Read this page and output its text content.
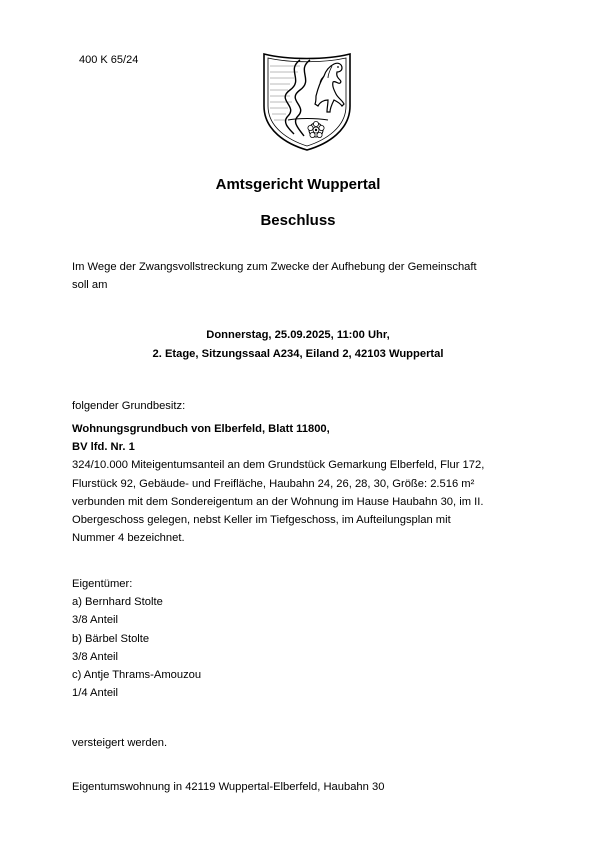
400 K 65/24
Amtsgericht Wuppertal
Beschluss
Im Wege der Zwangsvollstreckung zum Zwecke der Aufhebung der Gemeinschaft
soll am
Donnerstag, 25.09.2025, 11:00 Uhr,
2. Etage, Sitzungssaal A234, Eiland 2, 42103 Wuppertal
folgender Grundbesitz:
Wohnungsgrundbuch von Elberfeld, Blatt 11800,
BV lfd. Nr. 1
324/10.000 Miteigentumsanteil an dem Grundstück Gemarkung Elberfeld, Flur 172,
Flurstück 92, Gebäude- und Freifläche, Haubahn 24, 26, 28, 30, Größe: 2.516 m²
verbunden mit dem Sondereigentum an der Wohnung im Hause Haubahn 30, im II.
Obergeschoss gelegen, nebst Keller im Tiefgeschoss, im Aufteilungsplan mit
Nummer 4 bezeichnet.
Eigentümer:
a) Bernhard Stolte
3/8 Anteil
b) Bärbel Stolte
3/8 Anteil
c) Antje Thrams-Amouzou
1/4 Anteil
versteigert werden.
Eigentumswohnung in 42119 Wuppertal-Elberfeld, Haubahn 30
